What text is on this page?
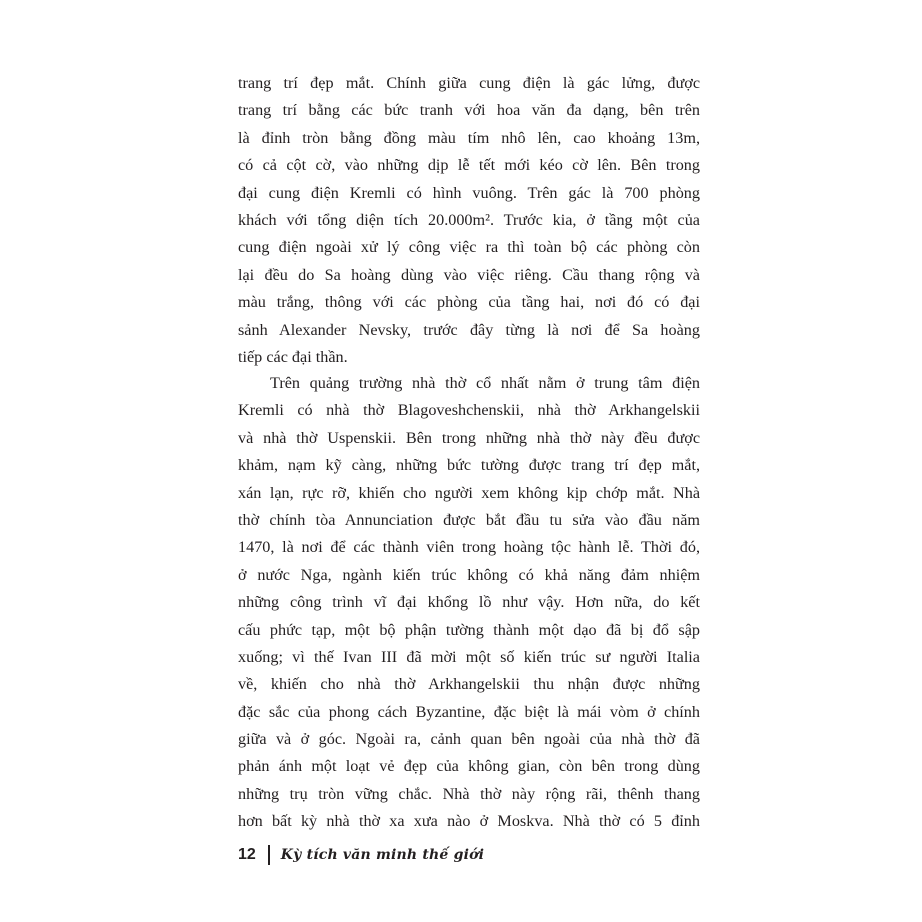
trang trí đẹp mắt. Chính giữa cung điện là gác lửng, được
trang trí bằng các bức tranh với hoa văn đa dạng, bên trên
là đỉnh tròn bằng đồng màu tím nhô lên, cao khoảng 13m,
có cả cột cờ, vào những dịp lễ tết mới kéo cờ lên. Bên trong
đại cung điện Kremli có hình vuông. Trên gác là 700 phòng
khách với tổng diện tích 20.000m². Trước kia, ở tầng một của
cung điện ngoài xử lý công việc ra thì toàn bộ các phòng còn
lại đều do Sa hoàng dùng vào việc riêng. Cầu thang rộng và
màu trắng, thông với các phòng của tầng hai, nơi đó có đại
sảnh Alexander Nevsky, trước đây từng là nơi để Sa hoàng
tiếp các đại thần.
Trên quảng trường nhà thờ cổ nhất nằm ở trung tâm điện
Kremli có nhà thờ Blagoveshchenskii, nhà thờ Arkhangelskii
và nhà thờ Uspenskii. Bên trong những nhà thờ này đều được
khảm, nạm kỹ càng, những bức tường được trang trí đẹp mắt,
xán lạn, rực rỡ, khiến cho người xem không kịp chớp mắt. Nhà
thờ chính tòa Annunciation được bắt đầu tu sửa vào đầu năm
1470, là nơi để các thành viên trong hoàng tộc hành lễ. Thời đó,
ở nước Nga, ngành kiến trúc không có khả năng đảm nhiệm
những công trình vĩ đại khổng lồ như vậy. Hơn nữa, do kết
cấu phức tạp, một bộ phận tường thành một dạo đã bị đổ sập
xuống; vì thế Ivan III đã mời một số kiến trúc sư người Italia
về, khiến cho nhà thờ Arkhangelskii thu nhận được những
đặc sắc của phong cách Byzantine, đặc biệt là mái vòm ở chính
giữa và ở góc. Ngoài ra, cảnh quan bên ngoài của nhà thờ đã
phản ánh một loạt vẻ đẹp của không gian, còn bên trong dùng
những trụ tròn vững chắc. Nhà thờ này rộng rãi, thênh thang
hơn bất kỳ nhà thờ xa xưa nào ở Moskva. Nhà thờ có 5 đỉnh
12 Kỳ tích văn minh thế giới
